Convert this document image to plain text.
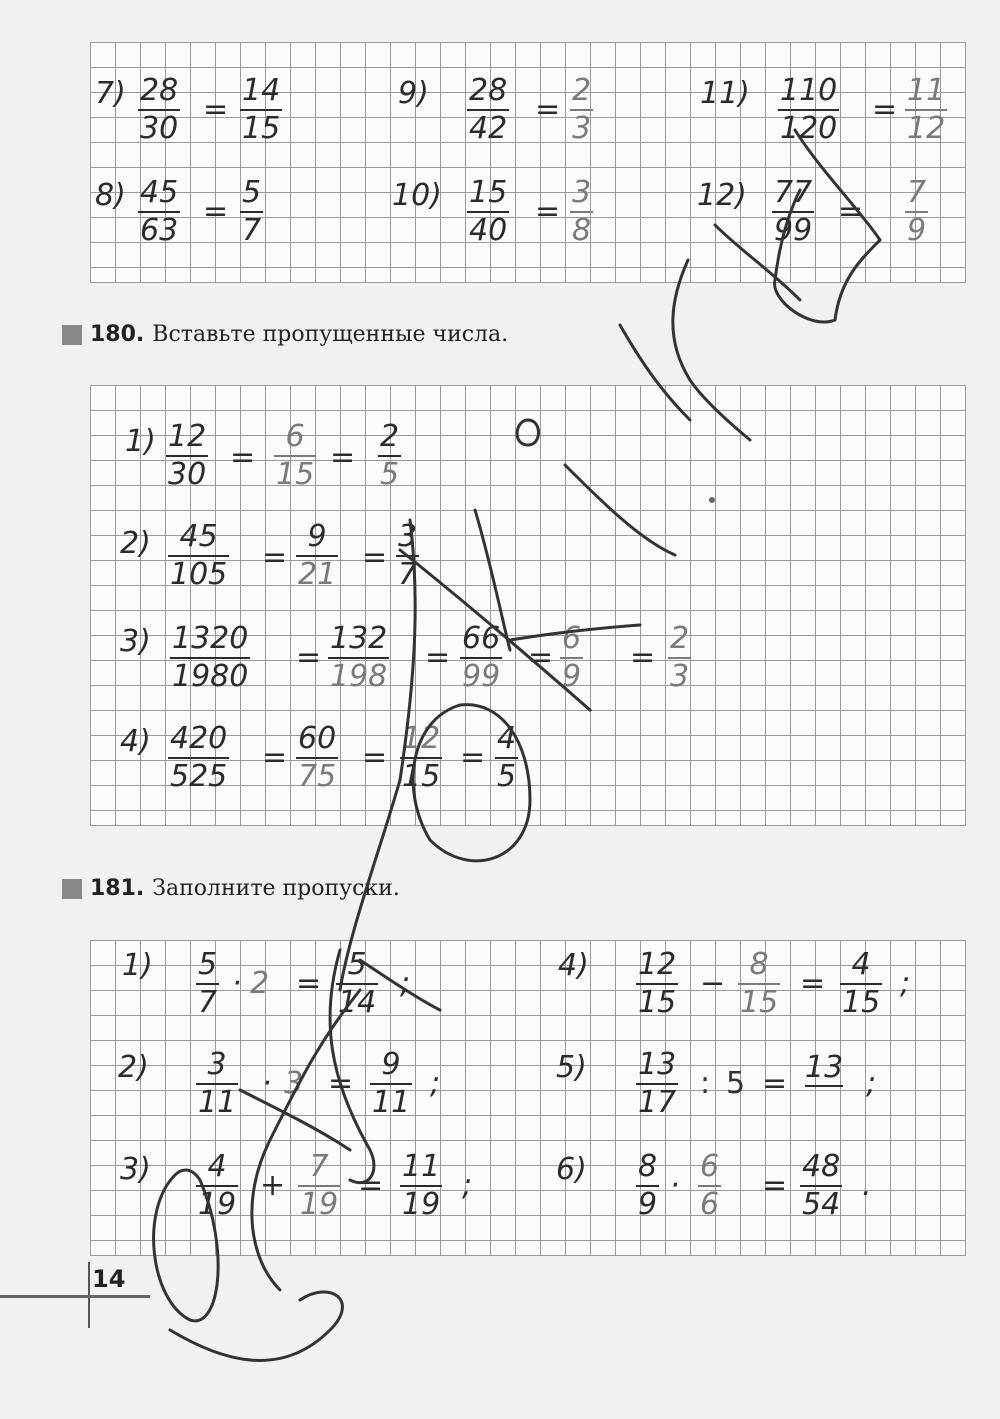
7) 28
30
=
14
15
9) 28
42
=
2
3
11) 110
120
=
11
12
8) 45
63
=
5
7
10) 15
40
=
3
8
12) 77
99
=
7
9
180. Вставьте пропущенные числа.
1) 12
30 =
6
15 =
2
5
2) 45
105 =
9
21 =
3
7
3) 1320
1980
=
132
198
=
66
99
=
6
9
=
2
3
4) 420
525
=
60
75
=
12
15
=
4
5
181. Заполните пропуски.
1) 5
7
· 2 =
5
14
;
2)	3
11
· 3 =
9
11
;
3)	4
19
+
7
19
=
11
19
;
4) 12
15
−
8
15
=
4
15
;
5) 13
17
: 5 = 13 ;
6) 8
9
·
6
6
=
48
54
.
14
